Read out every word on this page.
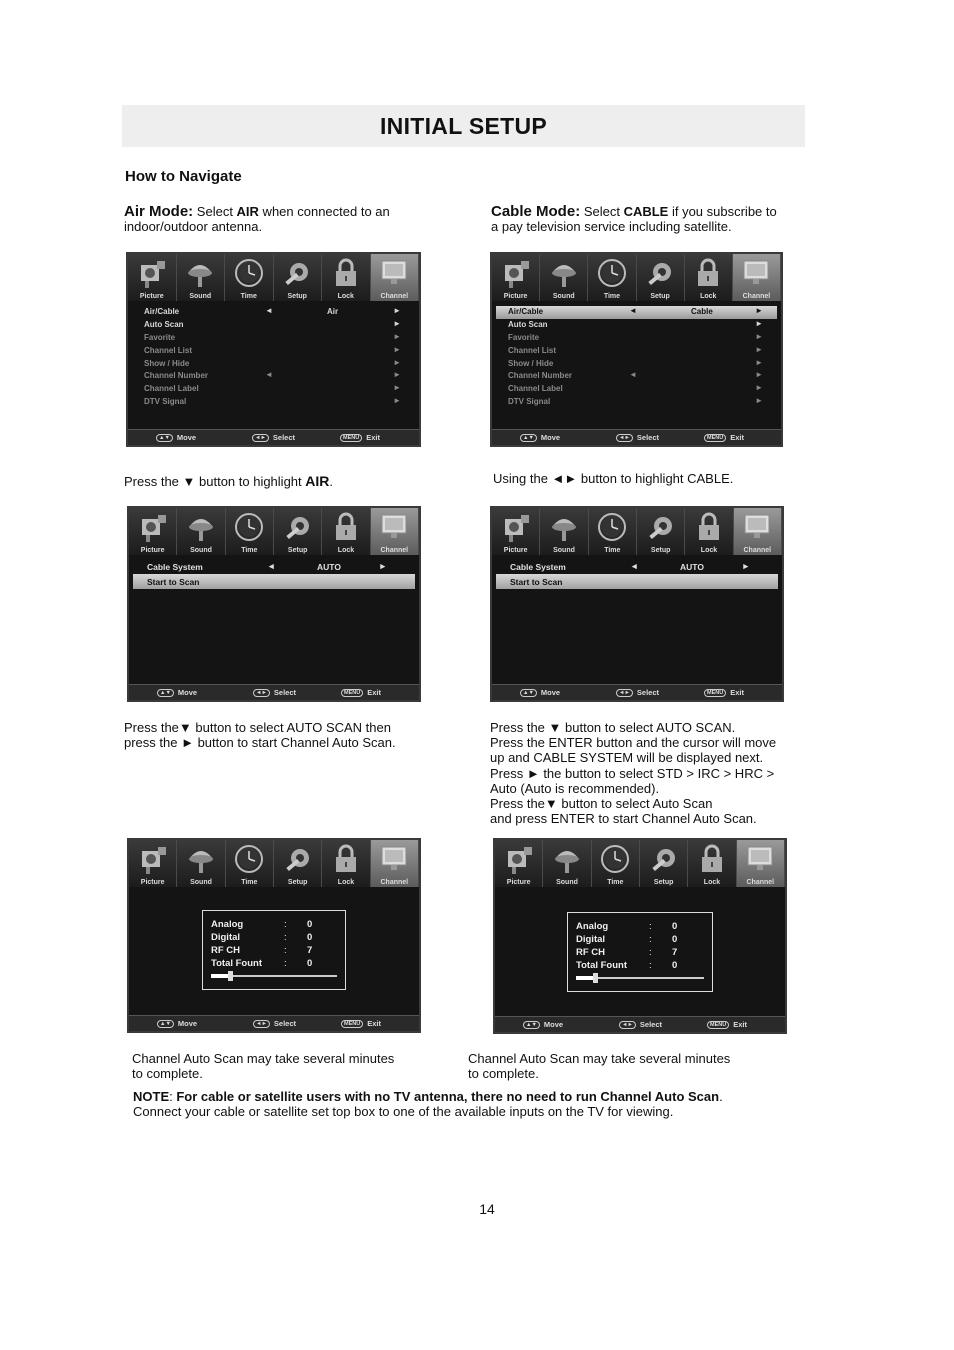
INITIAL SETUP
How to Navigate
Air Mode: Select AIR when connected to an
indoor/outdoor antenna.
Cable Mode: Select CABLE if you subscribe to
a pay television service including satellite.
Picture	Sound	Time	Setup	Lock	Channel
Air/Cable	◄	Air	►
Auto Scan	►
Favorite	►
Channel List	►
Show / Hide	►
Channel Number	◄	►
Channel Label	►
DTV Signal	►
▲▼ Move	◄► Select	MENU Exit
Picture	Sound	Time	Setup	Lock	Channel
Air/Cable	◄	Cable	►
Auto Scan	►
Favorite	►
Channel List	►
Show / Hide	►
Channel Number	◄	►
Channel Label	►
DTV Signal	►
▲▼ Move	◄► Select	MENU Exit
Press the ▼ button to highlight AIR.	Using the ◄► button to highlight CABLE.
Picture	Sound	Time	Setup	Lock	Channel
Cable System	◄	AUTO	►
Start to Scan
▲▼ Move	◄► Select	MENU Exit
Picture	Sound	Time	Setup	Lock	Channel
Cable System	◄	AUTO	►
Start to Scan
▲▼ Move	◄► Select	MENU Exit
Press the▼ button to select AUTO SCAN then
press the ► button to start Channel Auto Scan.
Press the ▼ button to select AUTO SCAN.
Press the ENTER button and the cursor will move
up and CABLE SYSTEM will be displayed next.
Press ► the button to select STD > IRC > HRC >
Auto (Auto is recommended).
Press the▼ button to select Auto Scan
and press ENTER to start Channel Auto Scan.
Picture	Sound	Time	Setup	Lock	Channel
Analog	: 0
Digital	: 0
RF CH	: 7
Total Fount : 0
▲▼ Move	◄► Select	MENU Exit
Picture	Sound	Time	Setup	Lock	Channel
Analog	: 0
Digital	: 0
RF CH	: 7
Total Fount : 0
▲▼ Move	◄► Select	MENU Exit
Channel Auto Scan may take several minutes
to complete.
Channel Auto Scan may take several minutes
to complete.
NOTE: For cable or satellite users with no TV antenna, there no need to run Channel Auto Scan.
Connect your cable or satellite set top box to one of the available inputs on the TV for viewing.
14
